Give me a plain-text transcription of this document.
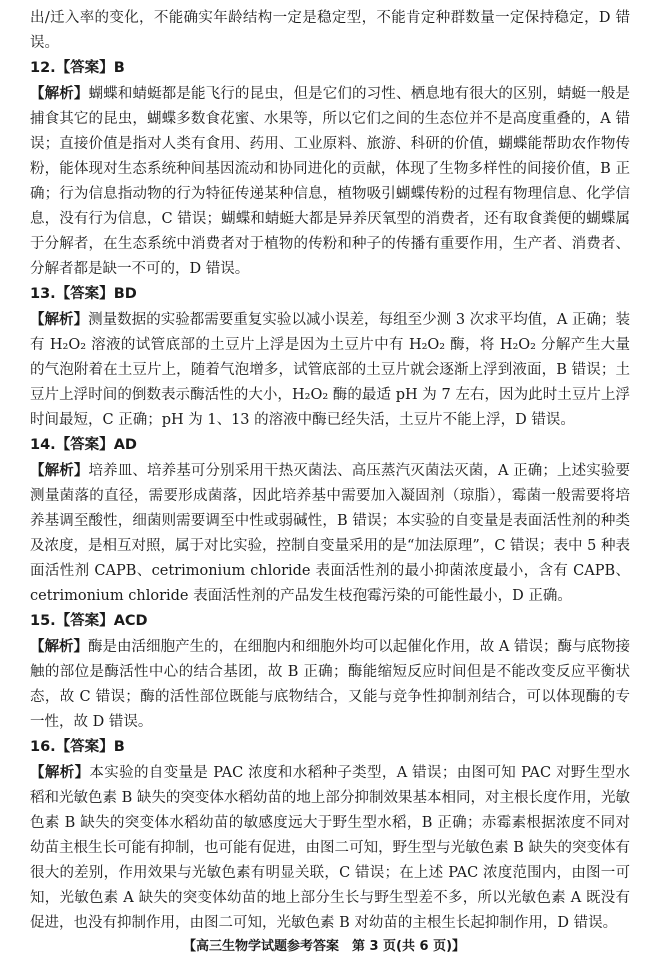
出/迁入率的变化，不能确实年龄结构一定是稳定型，不能肯定种群数量一定保持稳定，D 错误。

12.【答案】B

【解析】蝴蝶和蜻蜓都是能飞行的昆虫，但是它们的习性、栖息地有很大的区别，蜻蜓一般是捕食其它的昆虫，蝴蝶多数食花蜜、水果等，所以它们之间的生态位并不是高度重叠的，A 错误；直接价值是指对人类有食用、药用、工业原料、旅游、科研的价值，蝴蝶能帮助农作物传粉，能体现对生态系统种间基因流动和协同进化的贡献，体现了生物多样性的间接价值，B 正确；行为信息指动物的行为特征传递某种信息，植物吸引蝴蝶传粉的过程有物理信息、化学信息，没有行为信息，C 错误；蝴蝶和蜻蜓大都是异养厌氧型的消费者，还有取食粪便的蝴蝶属于分解者，在生态系统中消费者对于植物的传粉和种子的传播有重要作用，生产者、消费者、分解者都是缺一不可的，D 错误。

13.【答案】BD

【解析】测量数据的实验都需要重复实验以减小误差，每组至少测 3 次求平均值，A 正确；装有 H₂O₂ 溶液的试管底部的土豆片上浮是因为土豆片中有 H₂O₂ 酶，将 H₂O₂ 分解产生大量的气泡附着在土豆片上，随着气泡增多，试管底部的土豆片就会逐渐上浮到液面，B 错误；土豆片上浮时间的倒数表示酶活性的大小，H₂O₂ 酶的最适 pH 为 7 左右，因为此时土豆片上浮时间最短，C 正确；pH 为 1、13 的溶液中酶已经失活，土豆片不能上浮，D 错误。

14.【答案】AD

【解析】培养皿、培养基可分别采用干热灭菌法、高压蒸汽灭菌法灭菌，A 正确；上述实验要测量菌落的直径，需要形成菌落，因此培养基中需要加入凝固剂（琼脂），霉菌一般需要将培养基调至酸性，细菌则需要调至中性或弱碱性，B 错误；本实验的自变量是表面活性剂的种类及浓度，是相互对照，属于对比实验，控制自变量采用的是“加法原理”，C 错误；表中 5 种表面活性剂 CAPB、cetrimonium chloride 表面活性剂的最小抑菌浓度最小，含有 CAPB、cetrimonium chloride 表面活性剂的产品发生枝孢霉污染的可能性最小，D 正确。

15.【答案】ACD

【解析】酶是由活细胞产生的，在细胞内和细胞外均可以起催化作用，故 A 错误；酶与底物接触的部位是酶活性中心的结合基团，故 B 正确；酶能缩短反应时间但是不能改变反应平衡状态，故 C 错误；酶的活性部位既能与底物结合，又能与竞争性抑制剂结合，可以体现酶的专一性，故 D 错误。

16.【答案】B

【解析】本实验的自变量是 PAC 浓度和水稻种子类型，A 错误；由图可知 PAC 对野生型水稻和光敏色素 B 缺失的突变体水稻幼苗的地上部分抑制效果基本相同，对主根长度作用，光敏色素 B 缺失的突变体水稻幼苗的敏感度远大于野生型水稻，B 正确；赤霉素根据浓度不同对幼苗主根生长可能有抑制，也可能有促进，由图二可知，野生型与光敏色素 B 缺失的突变体有很大的差别，作用效果与光敏色素有明显关联，C 错误；在上述 PAC 浓度范围内，由图一可知，光敏色素 A 缺失的突变体幼苗的地上部分生长与野生型差不多，所以光敏色素 A 既没有促进，也没有抑制作用，由图二可知，光敏色素 B 对幼苗的主根生长起抑制作用，D 错误。

【高三生物学试题参考答案　第 3 页(共 6 页)】
